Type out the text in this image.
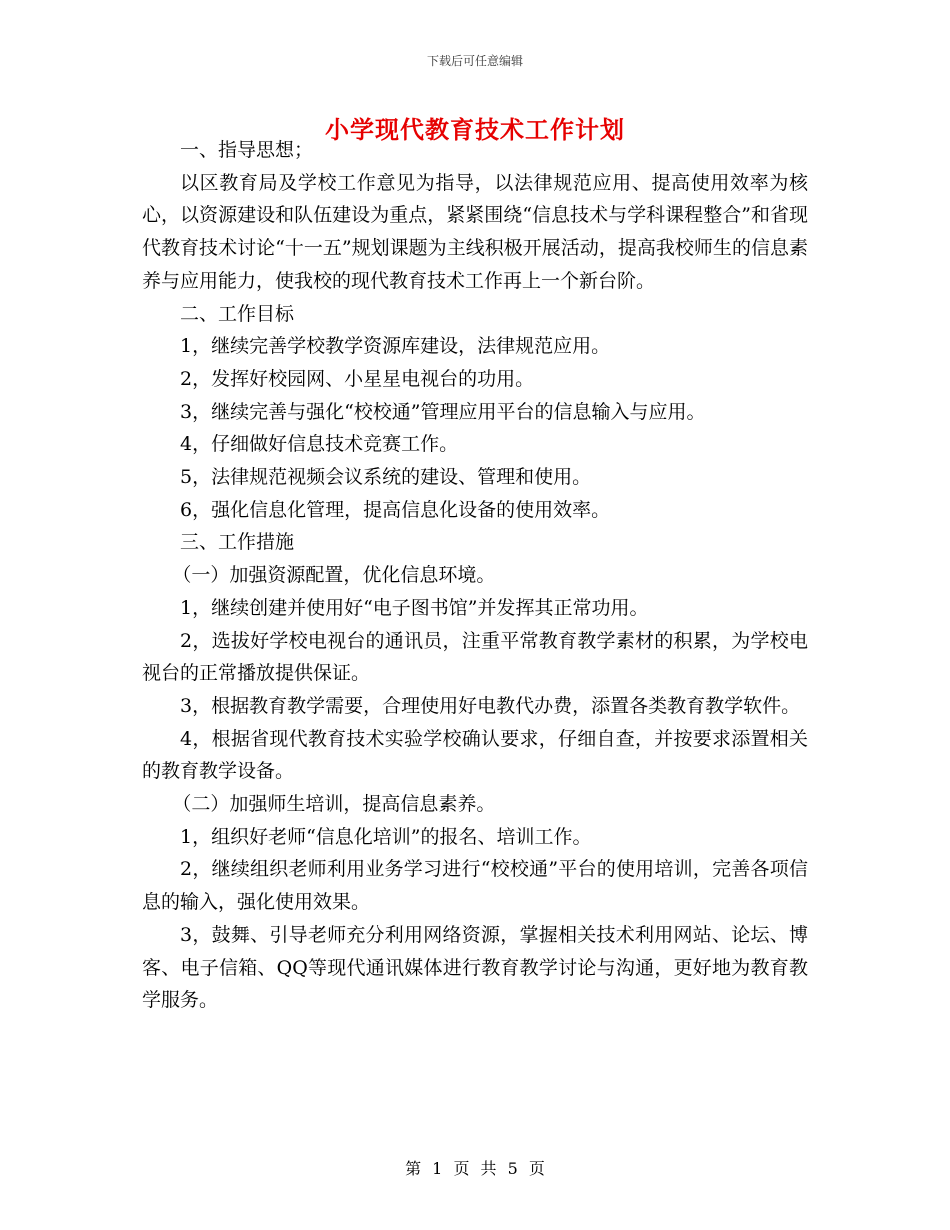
下载后可任意编辑
小学现代教育技术工作计划

一、指导思想；

以区教育局及学校工作意见为指导，以法律规范应用、提高使用效率为核心，以资源建设和队伍建设为重点，紧紧围绕“信息技术与学科课程整合”和省现代教育技术讨论“十一五”规划课题为主线积极开展活动，提高我校师生的信息素养与应用能力，使我校的现代教育技术工作再上一个新台阶。

二、工作目标

1，继续完善学校教学资源库建设，法律规范应用。

2，发挥好校园网、小星星电视台的功用。

3，继续完善与强化“校校通”管理应用平台的信息输入与应用。

4，仔细做好信息技术竞赛工作。

5，法律规范视频会议系统的建设、管理和使用。

6，强化信息化管理，提高信息化设备的使用效率。

三、工作措施

（一）加强资源配置，优化信息环境。

1，继续创建并使用好“电子图书馆”并发挥其正常功用。

2，选拔好学校电视台的通讯员，注重平常教育教学素材的积累，为学校电视台的正常播放提供保证。

3，根据教育教学需要，合理使用好电教代办费，添置各类教育教学软件。

4，根据省现代教育技术实验学校确认要求，仔细自查，并按要求添置相关的教育教学设备。

（二）加强师生培训，提高信息素养。

1，组织好老师“信息化培训”的报名、培训工作。

2，继续组织老师利用业务学习进行“校校通”平台的使用培训，完善各项信息的输入，强化使用效果。

3，鼓舞、引导老师充分利用网络资源，掌握相关技术利用网站、论坛、博客、电子信箱、QQ等现代通讯媒体进行教育教学讨论与沟通，更好地为教育教学服务。

第 1 页 共 5 页
